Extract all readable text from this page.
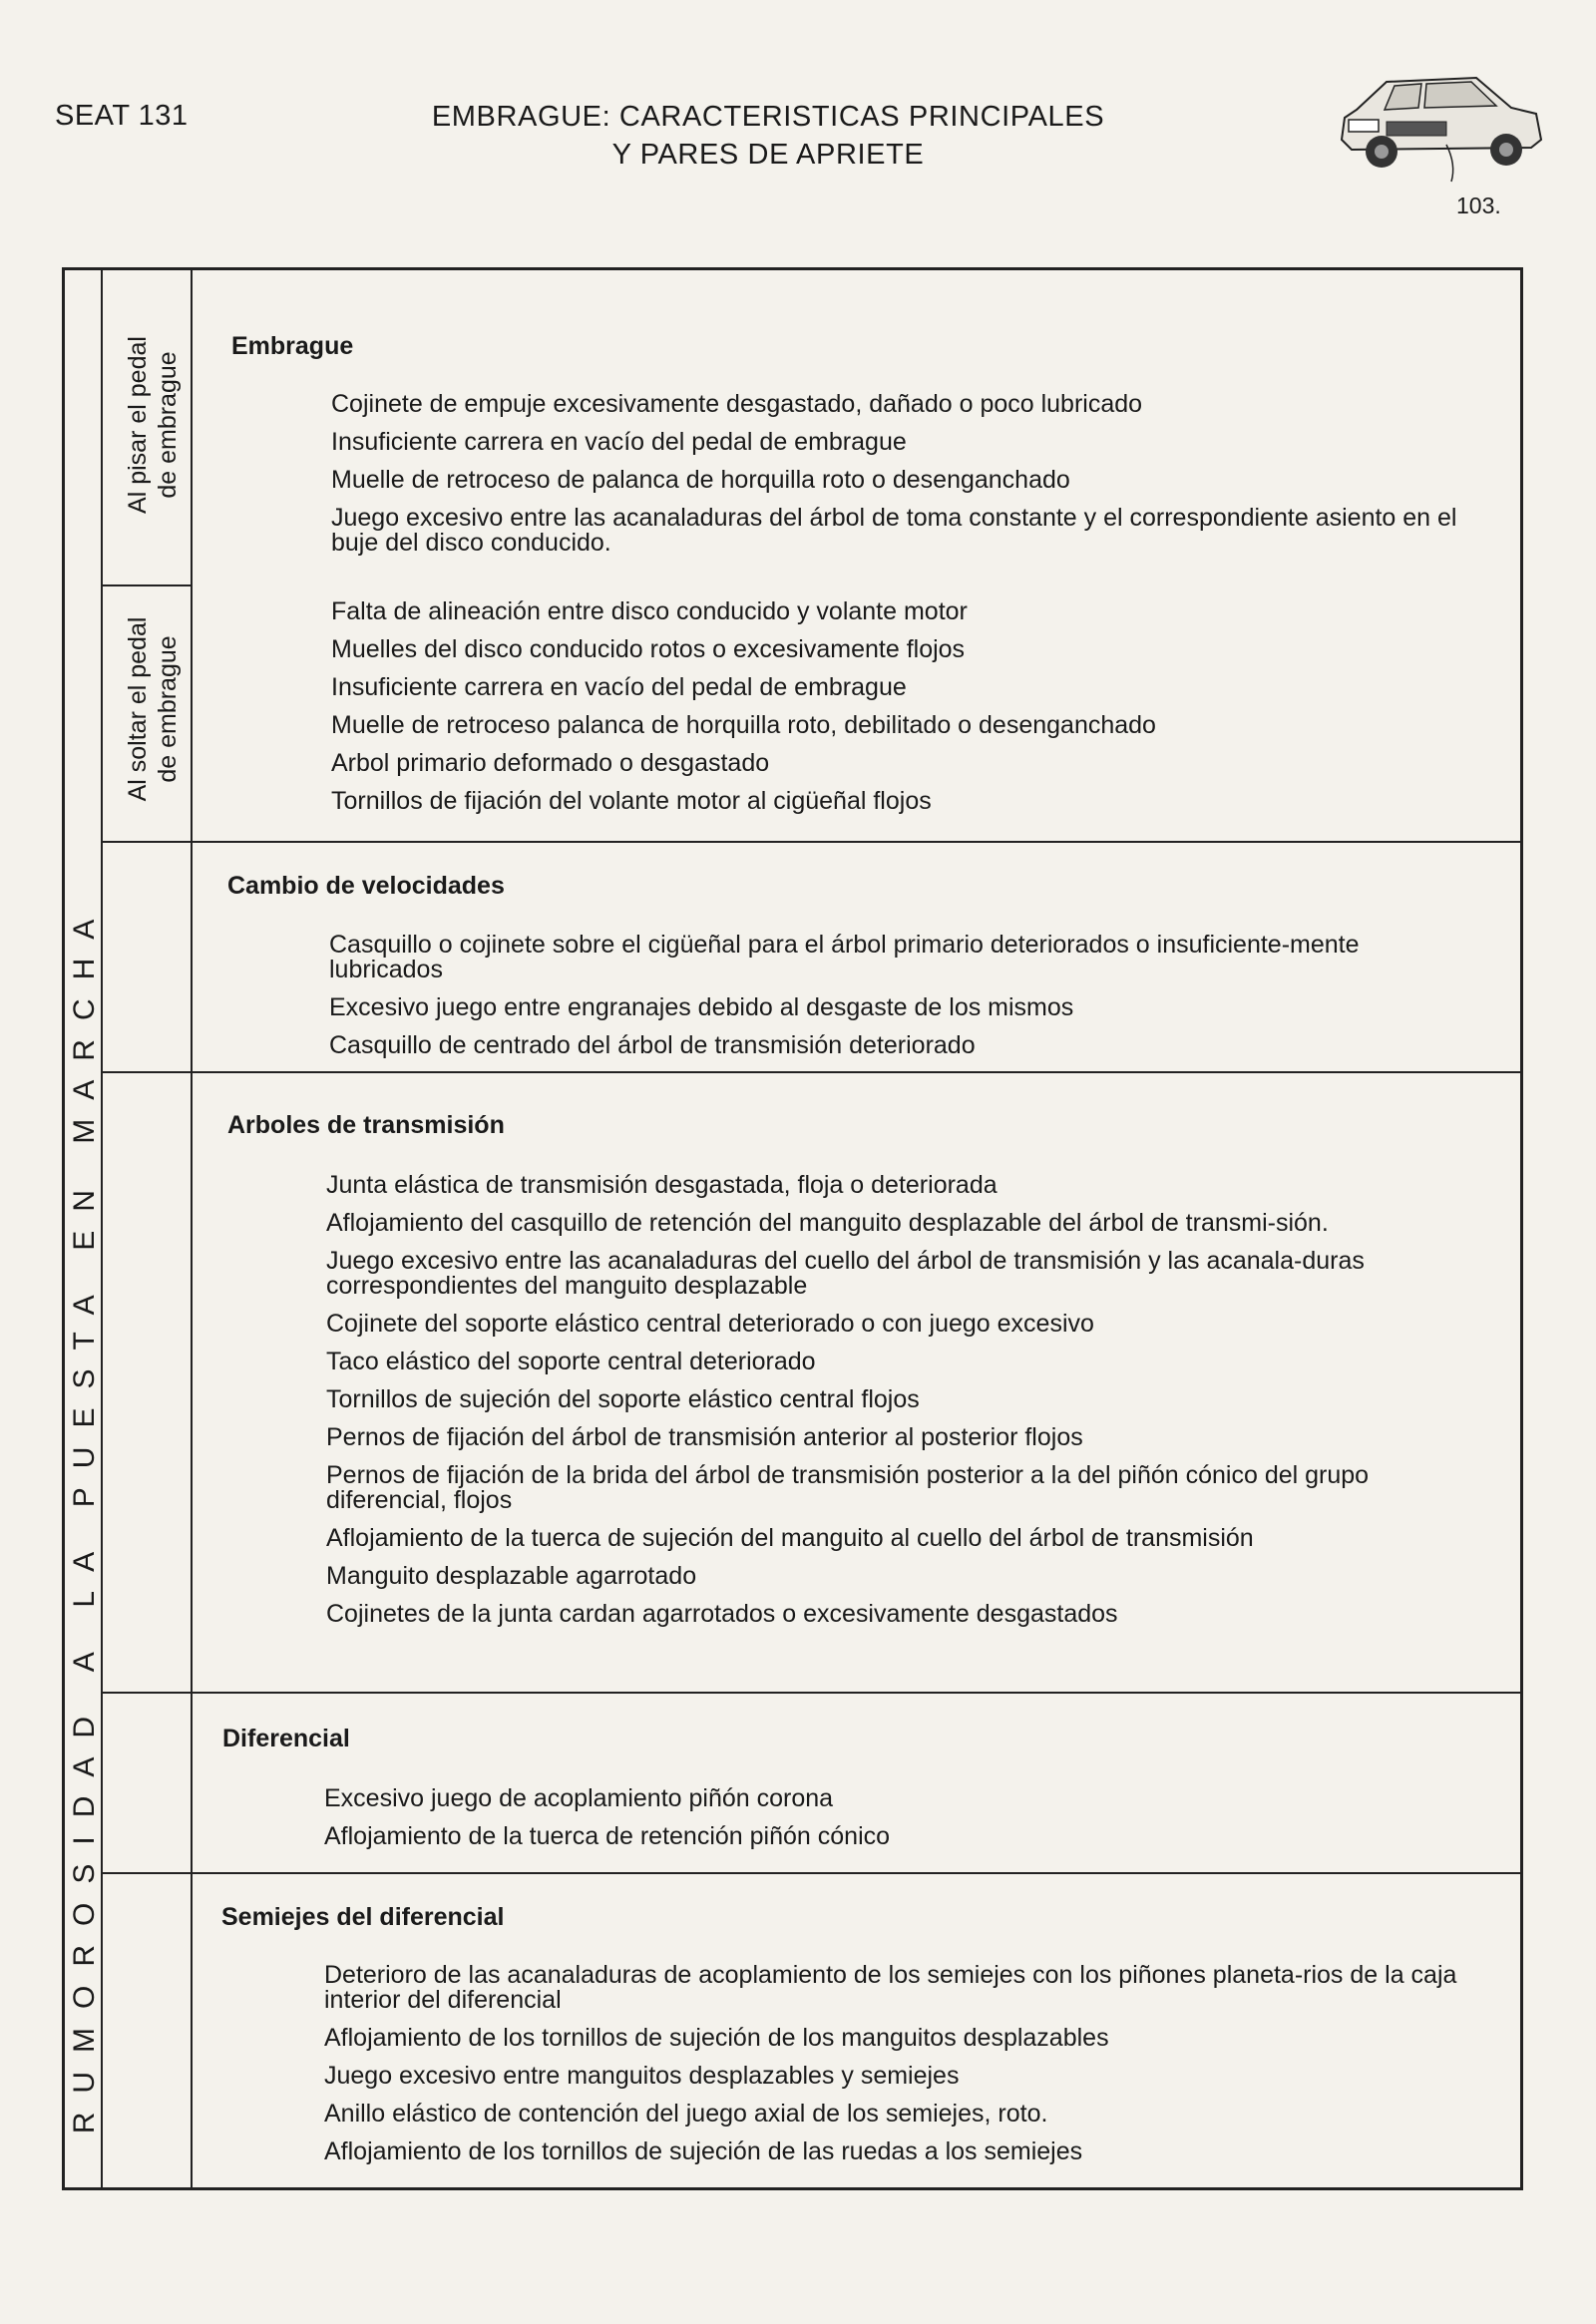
SEAT 131	EMBRAGUE: CARACTERISTICAS PRINCIPALES
Y PARES DE APRIETE
103.
RUMOROSIDAD A LA PUESTA EN MARCHA
Al pisar el pedal
de embrague
Al soltar el pedal
de embrague
Embrague
Cojinete de empuje excesivamente desgastado, dañado o poco lubricado
Insuficiente carrera en vacío del pedal de embrague
Muelle de retroceso de palanca de horquilla roto o desenganchado
Juego excesivo entre las acanaladuras del árbol de toma constante y el correspondiente asiento en el buje del disco conducido.
Falta de alineación entre disco conducido y volante motor
Muelles del disco conducido rotos o excesivamente flojos
Insuficiente carrera en vacío del pedal de embrague
Muelle de retroceso palanca de horquilla roto, debilitado o desenganchado
Arbol primario deformado o desgastado
Tornillos de fijación del volante motor al cigüeñal flojos
Cambio de velocidades
Casquillo o cojinete sobre el cigüeñal para el árbol primario deteriorados o insuficiente-mente lubricados
Excesivo juego entre engranajes debido al desgaste de los mismos
Casquillo de centrado del árbol de transmisión deteriorado
Arboles de transmisión
Junta elástica de transmisión desgastada, floja o deteriorada
Aflojamiento del casquillo de retención del manguito desplazable del árbol de transmi-sión.
Juego excesivo entre las acanaladuras del cuello del árbol de transmisión y las acanala-duras correspondientes del manguito desplazable
Cojinete del soporte elástico central deteriorado o con juego excesivo
Taco elástico del soporte central deteriorado
Tornillos de sujeción del soporte elástico central flojos
Pernos de fijación del árbol de transmisión anterior al posterior flojos
Pernos de fijación de la brida del árbol de transmisión posterior a la del piñón cónico del grupo diferencial, flojos
Aflojamiento de la tuerca de sujeción del manguito al cuello del árbol de transmisión
Manguito desplazable agarrotado
Cojinetes de la junta cardan agarrotados o excesivamente desgastados
Diferencial
Excesivo juego de acoplamiento piñón corona
Aflojamiento de la tuerca de retención piñón cónico
Semiejes del diferencial
Deterioro de las acanaladuras de acoplamiento de los semiejes con los piñones planeta-rios de la caja interior del diferencial
Aflojamiento de los tornillos de sujeción de los manguitos desplazables
Juego excesivo entre manguitos desplazables y semiejes
Anillo elástico de contención del juego axial de los semiejes, roto.
Aflojamiento de los tornillos de sujeción de las ruedas a los semiejes
